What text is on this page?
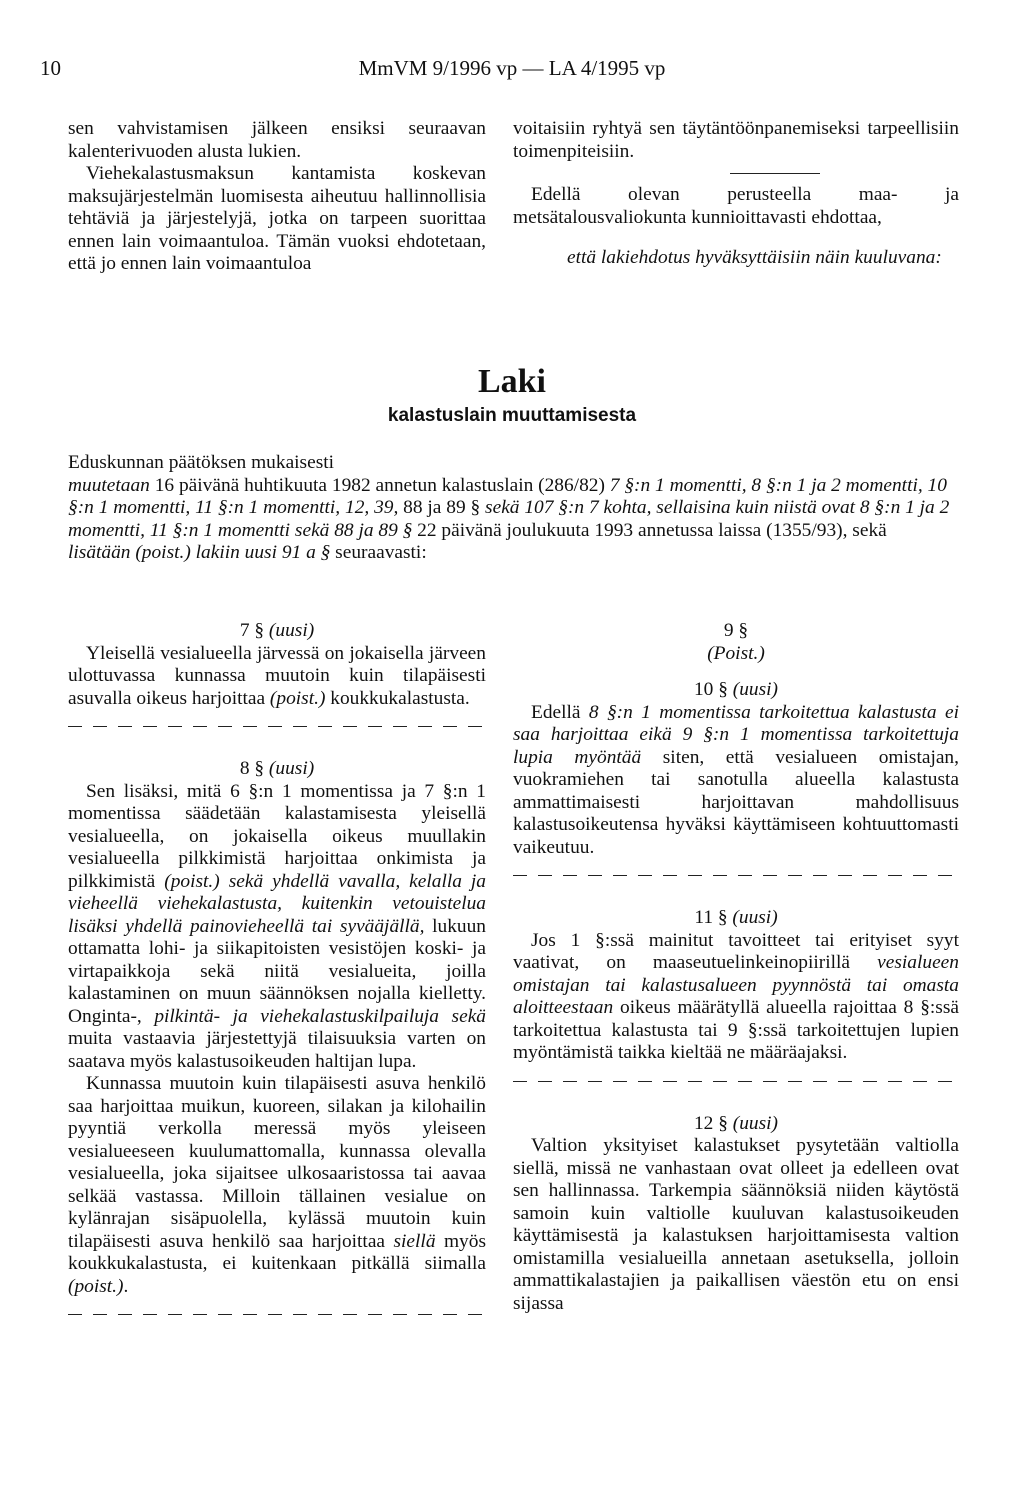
10	MmVM 9/1996 vp — LA 4/1995 vp

sen vahvistamisen jälkeen ensiksi seuraavan kalenterivuoden alusta lukien.

Viehekalastusmaksun kantamista koskevan maksujärjestelmän luomisesta aiheutuu hallinnollisia tehtäviä ja järjestelyjä, jotka on tarpeen suorittaa ennen lain voimaantuloa. Tämän vuoksi ehdotetaan, että jo ennen lain voimaantuloa

voitaisiin ryhtyä sen täytäntöönpanemiseksi tarpeellisiin toimenpiteisiin.

Edellä olevan perusteella maa- ja metsätalousvaliokunta kunnioittavasti ehdottaa,

että lakiehdotus hyväksyttäisiin näin kuuluvana:
Laki
kalastuslain muuttamisesta

Eduskunnan päätöksen mukaisesti

muutetaan 16 päivänä huhtikuuta 1982 annetun kalastuslain (286/82) 7 §:n 1 momentti, 8 §:n 1 ja 2 momentti, 10 §:n 1 momentti, 11 §:n 1 momentti, 12, 39, 88 ja 89 § sekä 107 §:n 7 kohta, sellaisina kuin niistä ovat 8 §:n 1 ja 2 momentti, 11 §:n 1 momentti sekä 88 ja 89 § 22 päivänä joulukuuta 1993 annetussa laissa (1355/93), sekä

lisätään (poist.) lakiin uusi 91 a § seuraavasti:

7 § (uusi)

Yleisellä vesialueella järvessä on jokaisella järveen ulottuvassa kunnassa muutoin kuin tilapäisesti asuvalla oikeus harjoittaa (poist.) koukkukalastusta.

8 § (uusi)

Sen lisäksi, mitä 6 §:n 1 momentissa ja 7 §:n 1 momentissa säädetään kalastamisesta yleisellä vesialueella, on jokaisella oikeus muullakin vesialueella pilkkimistä harjoittaa onkimista ja pilkkimistä (poist.) sekä yhdellä vavalla, kelalla ja vieheellä viehekalastusta, kuitenkin vetouistelua lisäksi yhdellä painovieheellä tai syvääjällä, lukuun ottamatta lohi- ja siikapitoisten vesistöjen koski- ja virtapaikkoja sekä niitä vesialueita, joilla kalastaminen on muun säännöksen nojalla kielletty. Onginta-, pilkintä- ja viehekalastuskilpailuja sekä muita vastaavia järjestettyjä tilaisuuksia varten on saatava myös kalastusoikeuden haltijan lupa.

Kunnassa muutoin kuin tilapäisesti asuva henkilö saa harjoittaa muikun, kuoreen, silakan ja kilohailin pyyntiä verkolla meressä myös yleiseen vesialueeseen kuulumattomalla, kunnassa olevalla vesialueella, joka sijaitsee ulkosaaristossa tai aavaa selkää vastassa. Milloin tällainen vesialue on kylänrajan sisäpuolella, kylässä muutoin kuin tilapäisesti asuva henkilö saa harjoittaa siellä myös koukkukalastusta, ei kuitenkaan pitkällä siimalla (poist.).

9 §
(Poist.)
10 § (uusi)

Edellä 8 §:n 1 momentissa tarkoitettua kalastusta ei saa harjoittaa eikä 9 §:n 1 momentissa tarkoitettuja lupia myöntää siten, että vesialueen omistajan, vuokramiehen tai sanotulla alueella kalastusta ammattimaisesti harjoittavan mahdollisuus kalastusoikeutensa hyväksi käyttämiseen kohtuuttomasti vaikeutuu.

11 § (uusi)

Jos 1 §:ssä mainitut tavoitteet tai erityiset syyt vaativat, on maaseutuelinkeinopiirillä vesialueen omistajan tai kalastusalueen pyynnöstä tai omasta aloitteestaan oikeus määrätyllä alueella rajoittaa 8 §:ssä tarkoitettua kalastusta tai 9 §:ssä tarkoitettujen lupien myöntämistä taikka kieltää ne määräajaksi.

12 § (uusi)

Valtion yksityiset kalastukset pysytetään valtiolla siellä, missä ne vanhastaan ovat olleet ja edelleen ovat sen hallinnassa. Tarkempia säännöksiä niiden käytöstä samoin kuin valtiolle kuuluvan kalastusoikeuden käyttämisestä ja kalastuksen harjoittamisesta valtion omistamilla vesialueilla annetaan asetuksella, jolloin ammattikalastajien ja paikallisen väestön etu on ensi sijassa
